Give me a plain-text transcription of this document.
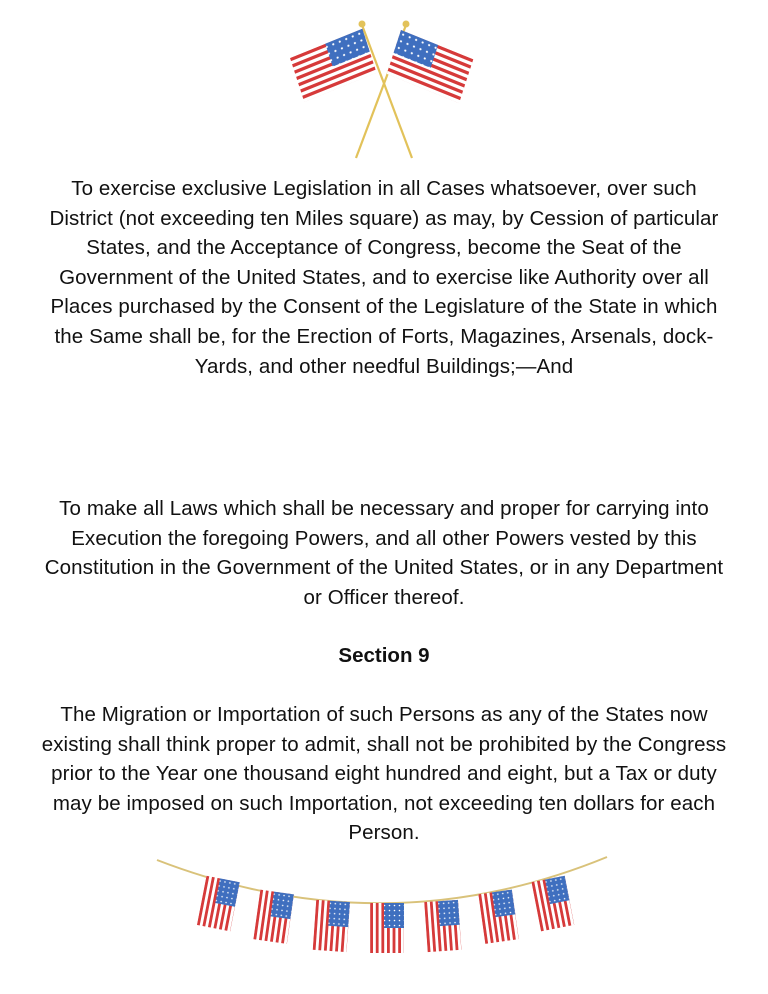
To exercise exclusive Legislation in all Cases whatsoever, over such District (not exceeding ten Miles square) as may, by Cession of particular States, and the Acceptance of Congress, become the Seat of the Government of the United States, and to exercise like Authority over all Places purchased by the Consent of the Legislature of the State in which the Same shall be, for the Erection of Forts, Magazines, Arsenals, dock-Yards, and other needful Buildings;—And

To make all Laws which shall be necessary and proper for carrying into Execution the foregoing Powers, and all other Powers vested by this Constitution in the Government of the United States, or in any Department or Officer thereof.

Section 9

The Migration or Importation of such Persons as any of the States now existing shall think proper to admit, shall not be prohibited by the Congress prior to the Year one thousand eight hundred and eight, but a Tax or duty may be imposed on such Importation, not exceeding ten dollars for each Person.
